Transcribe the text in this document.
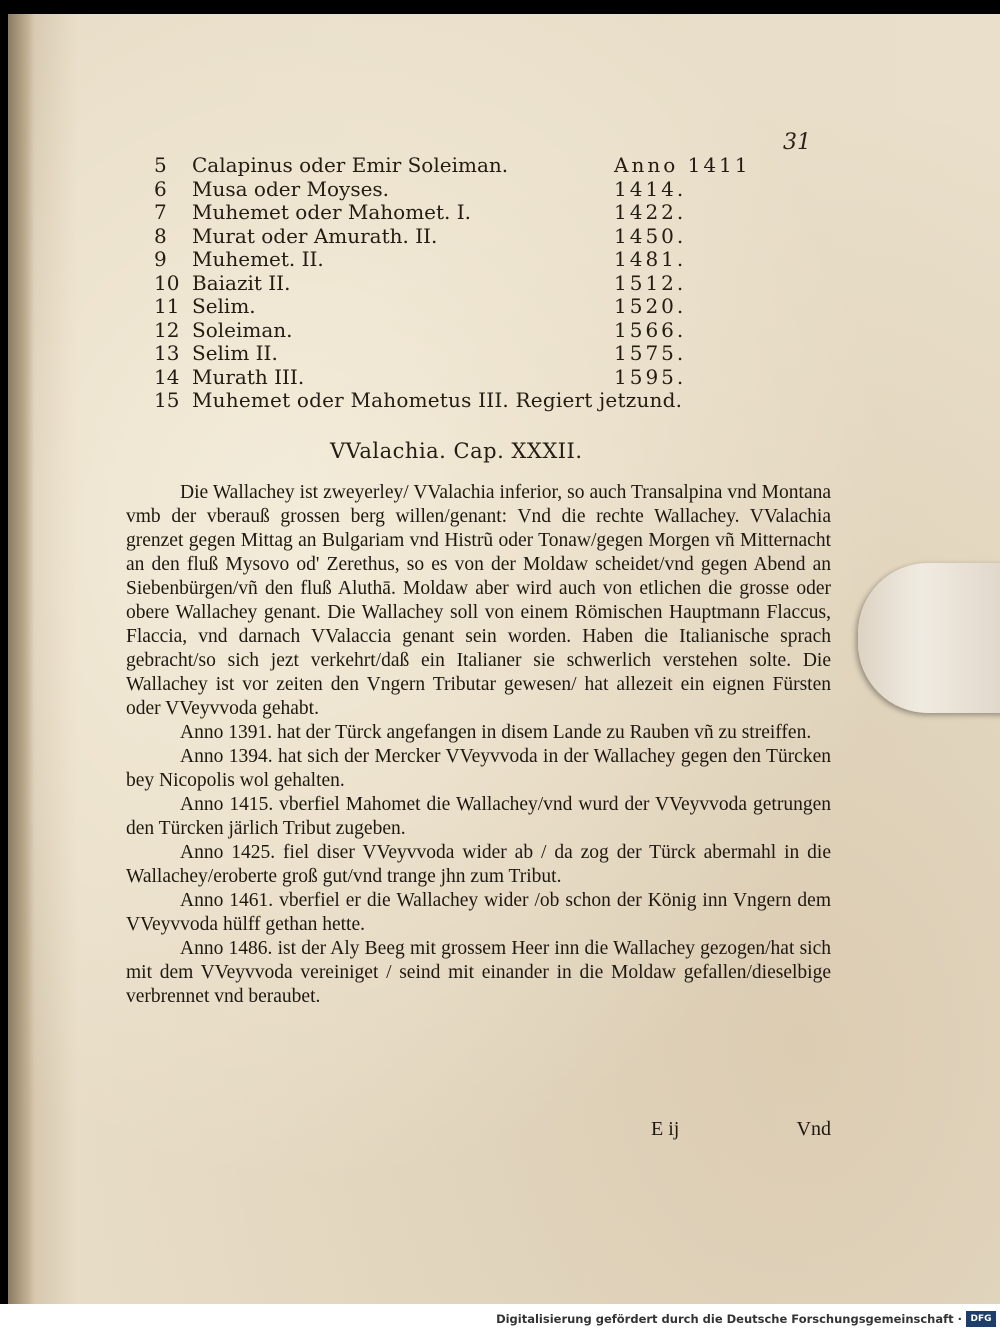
31
5	Calapinus oder Emir Soleiman.	Anno 1411
6	Musa oder Moyses.	1414.
7	Muhemet oder Mahomet. I.	1422.
8	Murat oder Amurath. II.	1450.
9	Muhemet. II.	1481.
10 Baiazit II.	1512.
11 Selim.	1520.
12 Soleiman.	1566.
13 Selim II.	1575.
14 Murath III.	1595.
15 Muhemet oder Mahometus III. Regiert jetzund.
VValachia. Cap. XXXII.

Die Wallachey ist zweyerley/ VValachia inferior, so auch Transalpina vnd Montana vmb der vberauß grossen berg willen/genant: Vnd die rechte Wallachey. VValachia grenzet gegen Mittag an Bulgariam vnd Histrũ oder Tonaw/gegen Morgen vñ Mitternacht an den fluß Mysovo od' Zerethus, so es von der Moldaw scheidet/vnd gegen Abend an Siebenbürgen/vñ den fluß Aluthā. Moldaw aber wird auch von etlichen die grosse oder obere Wallachey genant. Die Wallachey soll von einem Römischen Hauptmann Flaccus, Flaccia, vnd darnach VValaccia genant sein worden. Haben die Italianische sprach gebracht/so sich jezt verkehrt/daß ein Italianer sie schwerlich verstehen solte. Die Wallachey ist vor zeiten den Vngern Tributar gewesen/ hat allezeit ein eignen Fürsten oder VVeyvvoda gehabt.

Anno 1391. hat der Türck angefangen in disem Lande zu Rauben vñ zu streiffen.

Anno 1394. hat sich der Mercker VVeyvvoda in der Wallachey gegen den Türcken bey Nicopolis wol gehalten.

Anno 1415. vberfiel Mahomet die Wallachey/vnd wurd der VVeyvvoda getrungen den Türcken järlich Tribut zugeben.

Anno 1425. fiel diser VVeyvvoda wider ab / da zog der Türck abermahl in die Wallachey/eroberte groß gut/vnd trange jhn zum Tribut.

Anno 1461. vberfiel er die Wallachey wider /ob schon der König inn Vngern dem VVeyvvoda hülff gethan hette.

Anno 1486. ist der Aly Beeg mit grossem Heer inn die Wallachey gezogen/hat sich mit dem VVeyvvoda vereiniget / seind mit einander in die Moldaw gefallen/dieselbige verbrennet vnd beraubet.

E ij	Vnd
Digitalisierung gefördert durch die Deutsche Forschungsgemeinschaft · DFG
